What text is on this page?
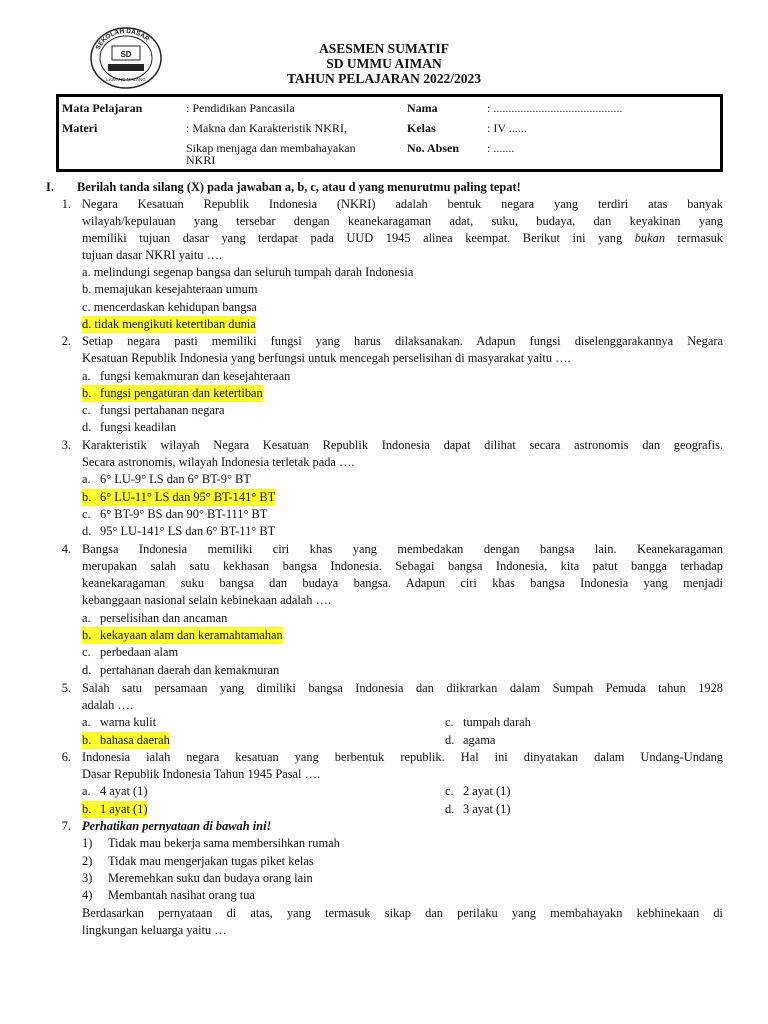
SEKOLAH DASAR
SD
LAWANG MALANG
ASESMEN SUMATIF
SD UMMU AIMAN
TAHUN PELAJARAN 2022/2023
Mata Pelajaran	: Pendidikan Pancasila
Materi	: Makna dan Karakteristik NKRI,
Sikap menjaga dan membahayakan
NKRI
Nama	: ...........................................
Kelas	: IV ......
No. Absen : .......
I. Berilah tanda silang (X) pada jawaban a, b, c, atau d yang menurutmu paling tepat!
1. Negara Kesatuan Republik Indonesia (NKRI) adalah bentuk negara yang terdiri atas banyak
wilayah/kepulauan yang tersebar dengan keanekaragaman adat, suku, budaya, dan keyakinan yang
memiliki tujuan dasar yang terdapat pada UUD 1945 alinea keempat. Berikut ini yang bukan termasuk
tujuan dasar NKRI yaitu ….
a. melindungi segenap bangsa dan seluruh tumpah darah Indonesia
b. memajukan kesejahteraan umum
c. mencerdaskan kehidupan bangsa
d. tidak mengikuti ketertiban dunia
2. Setiap negara pasti memiliki fungsi yang harus dilaksanakan. Adapun fungsi diselenggarakannya Negara
Kesatuan Republik Indonesia yang berfungsi untuk mencegah perselisihan di masyarakat yaitu ….
a. fungsi kemakmuran dan kesejahteraan
b. fungsi pengaturan dan ketertiban
c. fungsi pertahanan negara
d. fungsi keadilan
3. Karakteristik wilayah Negara Kesatuan Republik Indonesia dapat dilihat secara astronomis dan geografis.
Secara astronomis, wilayah Indonesia terletak pada ….
a. 6° LU-9° LS dan 6° BT-9° BT
b. 6° LU-11° LS dan 95° BT-141° BT
c. 6° BT-9° BS dan 90° BT-111° BT
d. 95° LU-141° LS dan 6° BT-11° BT
4. Bangsa Indonesia memiliki ciri khas yang membedakan dengan bangsa lain. Keanekaragaman
merupakan salah satu kekhasan bangsa Indonesia. Sebagai bangsa Indonesia, kita patut bangga terhadap
keanekaragaman suku bangsa dan budaya bangsa. Adapun ciri khas bangsa Indonesia yang menjadi
kebanggaan nasional selain kebinekaan adalah ….
a. perselisihan dan ancaman
b. kekayaan alam dan keramahtamahan
c. perbedaan alam
d. pertahanan daerah dan kemakmuran
5. Salah satu persamaan yang dimiliki bangsa Indonesia dan diikrarkan dalam Sumpah Pemuda tahun 1928
adalah ….
a. warna kulit
b. bahasa daerah
c. tumpah darah
d. agama
6. Indonesia ialah negara kesatuan yang berbentuk republik. Hal ini dinyatakan dalam Undang-Undang
Dasar Republik Indonesia Tahun 1945 Pasal ….
a. 4 ayat (1)
b. 1 ayat (1)
c. 2 ayat (1)
d. 3 ayat (1)
7. Perhatikan pernyataan di bawah ini!
1) Tidak mau bekerja sama membersihkan rumah
2) Tidak mau mengerjakan tugas piket kelas
3) Meremehkan suku dan budaya orang lain
4) Membantah nasihat orang tua
Berdasarkan pernyataan di atas, yang termasuk sikap dan perilaku yang membahayakn kebhinekaan di
lingkungan keluarga yaitu …
